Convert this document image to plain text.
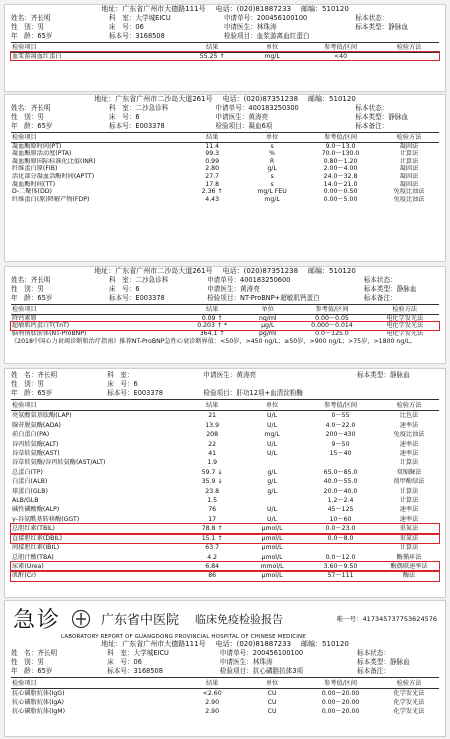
地址：广东省广州市大德路111号 电话：(020)81887233 邮编：510120
姓名：齐长明	科　室：大学城EICU	申请单号：200456100100	标本状态：
性　别：男	床　号：06	申请医生：林珠涛	标本类型：静脉血
年　龄：65岁	标本号：3168508	检验项目：血浆游离血红蛋白
检验项目	结果	单位	参考值/区间	检验方法
血浆游离血红蛋白	55.25 ↑	mg/L	<40	
地址：广东省广州市二沙岛大道261号 电话：(020)87351238 邮编：510120
姓名：齐长明	科　室：二沙急诊科	申请单号：400183250300	标本状态：
性　别：男	床　号：6	申请医生：黄涛亮	标本类型：静脉血
年　龄：65岁	标本号：E003378	检验项目：凝血6项	标本备注：
检验项目	结果	单位	参考值/区间	检验方法
凝血酶原时间(PT)	11.4	s	9.0～13.0	凝固法
凝血酶原活动度(PTA)	99.3	%	70.0～130.0	计算法
凝血酶原国际标准化比值(INR)	0.99	R	0.80～1.20	计算法
纤维蛋白原(FIB)	2.80	g/L	2.00～4.00	凝固法
活化部分凝血活酶时间(APTT)	27.7	s	24.0～32.8	凝固法
凝血酶时间(TT)	17.8	s	14.0～21.0	凝固法
D-二聚体(DD)	2.36 ↑	mg/L FEU	0.00～0.50	免疫比浊法
纤维蛋白(原)降解产物(FDP)	4.43	mg/L	0.00～5.00	免疫比浊法
地址：广东省广州市二沙岛大道261号 电话：(020)87351238 邮编：510120
姓名：齐长明	科　室：二沙急诊科	申请单号：400183250600	标本状态：
性　别：男	床　号：6	申请医生：黄涛亮	标本类型：静脉血
年　龄：65岁	标本号：E003378	检验项目：NT-ProBNP+超敏肌钙蛋白	标本备注：
检验项目	结果	单位	参考值/区间	检验方法
降钙素原	0.09 ↑	ng/ml	0.00～0.05	电化学发光法
超敏肌钙蛋白T(TnT)	0.203 ↑ *	μg/L	0.000～0.014	电化学发光法
脑利钠肽前体(NT-ProBNP)	364.1 ↑	pg/ml	0.0～125.0	电化学发光法
《2018中国心力衰竭诊断和治疗指南》推荐NT-ProBNP急性心衰诊断界值：<50岁，>450 ng/L；≥50岁，>900 ng/L；>75岁，>1800 ng/L。
姓　名：齐长明	科　室：	申请医生：黄涛亮	标本类型：静脉血
性　别：男	床　号：6
年　龄：65岁	标本号：E003378	检验项目：肝功12项+血清淀粉酶
检验项目	结果	单位	参考值/区间	检验方法
亮氨酸氨基肽酶(LAP)	21	U/L	0～55	比色法
腺苷脱氨酶(ADA)	13.9	U/L	4.0～22.0	速率法
前白蛋白(PA)	208	mg/L	200～430	免疫比浊法
谷丙转氨酶(ALT)	22	U/L	9～50	速率法
谷草转氨酶(AST)	41	U/L	15～40	速率法
谷草转氨酶/谷丙转氨酶(AST/ALT)	1.9			计算法
总蛋白(TP)	59.7 ↓	g/L	65.0～85.0	双缩脲法
白蛋白(ALB)	35.9 ↓	g/L	40.0～55.0	溴甲酚绿法
球蛋白(GLB)	23.8	g/L	20.0～40.0	计算法
ALB/GLB	1.5		1.2～2.4	计算法
碱性磷酸酶(ALP)	76	U/L	45～125	速率法
γ-谷氨酰基转移酶(GGT)	17	U/L	10～60	速率法
总胆红素(TBIL)	78.8 ↑	μmol/L	0.0～23.0	重氮法
直接胆红素(DBIL)	15.1 ↑	μmol/L	0.0～8.0	重氮法
间接胆红素(IBIL)	63.7	μmol/L		计算法
总胆汁酸(TBA)	4.2	μmol/L	0.0～12.0	酶循环法
尿素(Urea)	6.84	mmol/L	3.60～9.50	酶偶联速率法
肌酐(Cr)	86	μmol/L	57～111	酶法
急诊	广东省中医院 临床免疫检验报告	唯一号：417345737753624576
LABORATORY REPORT OF GUANGDONG PROVINCIAL HOSPITAL OF CHINESE MEDICINE
地址：广东省广州市大德路111号 电话：(020)81887233 邮编：510120
姓　名：齐长明	科　室：大学城EICU	申请单号：200456100100	标本状态：
性　别：男	床　号：06	申请医生：林珠涛	标本类型：静脉血
年　龄：65岁	标本号：3168508	检验项目：抗心磷脂抗体3项	标本备注：
检验项目	结果	单位	参考值/区间	检验方法
抗心磷脂抗体(IgG)	<2.60	CU	0.00～20.00	化学发光法
抗心磷脂抗体(IgA)	2.90	CU	0.00～20.00	化学发光法
抗心磷脂抗体(IgM)	2.90	CU	0.00～20.00	化学发光法
